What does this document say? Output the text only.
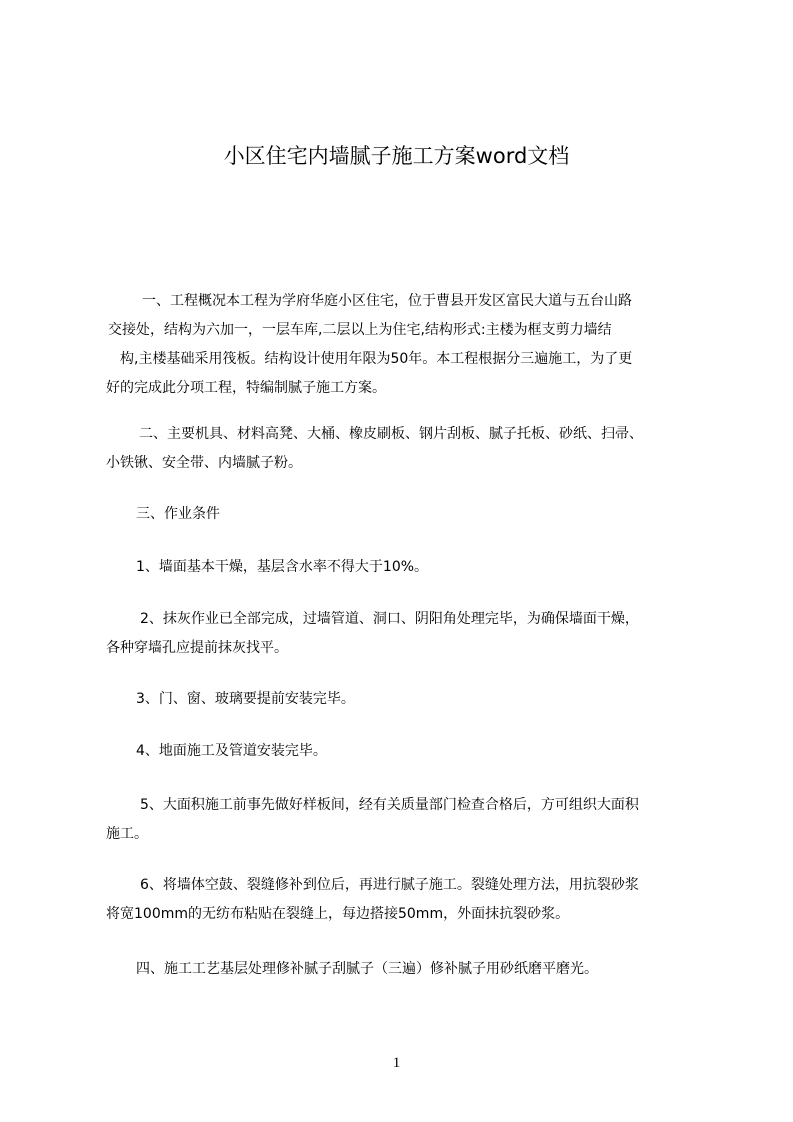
小区住宅内墙腻子施工方案word文档

一、工程概况本工程为学府华庭小区住宅，位于曹县开发区富民大道与五台山路
交接处，结构为六加一，一层车库,二层以上为住宅,结构形式:主楼为框支剪力墙结
构,主楼基础采用筏板。结构设计使用年限为50年。本工程根据分三遍施工，为了更
好的完成此分项工程，特编制腻子施工方案。

二、主要机具、材料高凳、大桶、橡皮刷板、钢片刮板、腻子托板、砂纸、扫帚、
小铁锹、安全带、内墙腻子粉。

三、作业条件

1、墙面基本干燥，基层含水率不得大于10%。

2、抹灰作业已全部完成，过墙管道、洞口、阴阳角处理完毕，为确保墙面干燥，
各种穿墙孔应提前抹灰找平。

3、门、窗、玻璃要提前安装完毕。

4、地面施工及管道安装完毕。

5、大面积施工前事先做好样板间，经有关质量部门检查合格后，方可组织大面积
施工。

6、将墙体空鼓、裂缝修补到位后，再进行腻子施工。裂缝处理方法，用抗裂砂浆
将宽100mm的无纺布粘贴在裂缝上，每边搭接50mm，外面抹抗裂砂浆。

四、施工工艺基层处理修补腻子刮腻子（三遍）修补腻子用砂纸磨平磨光。

1
